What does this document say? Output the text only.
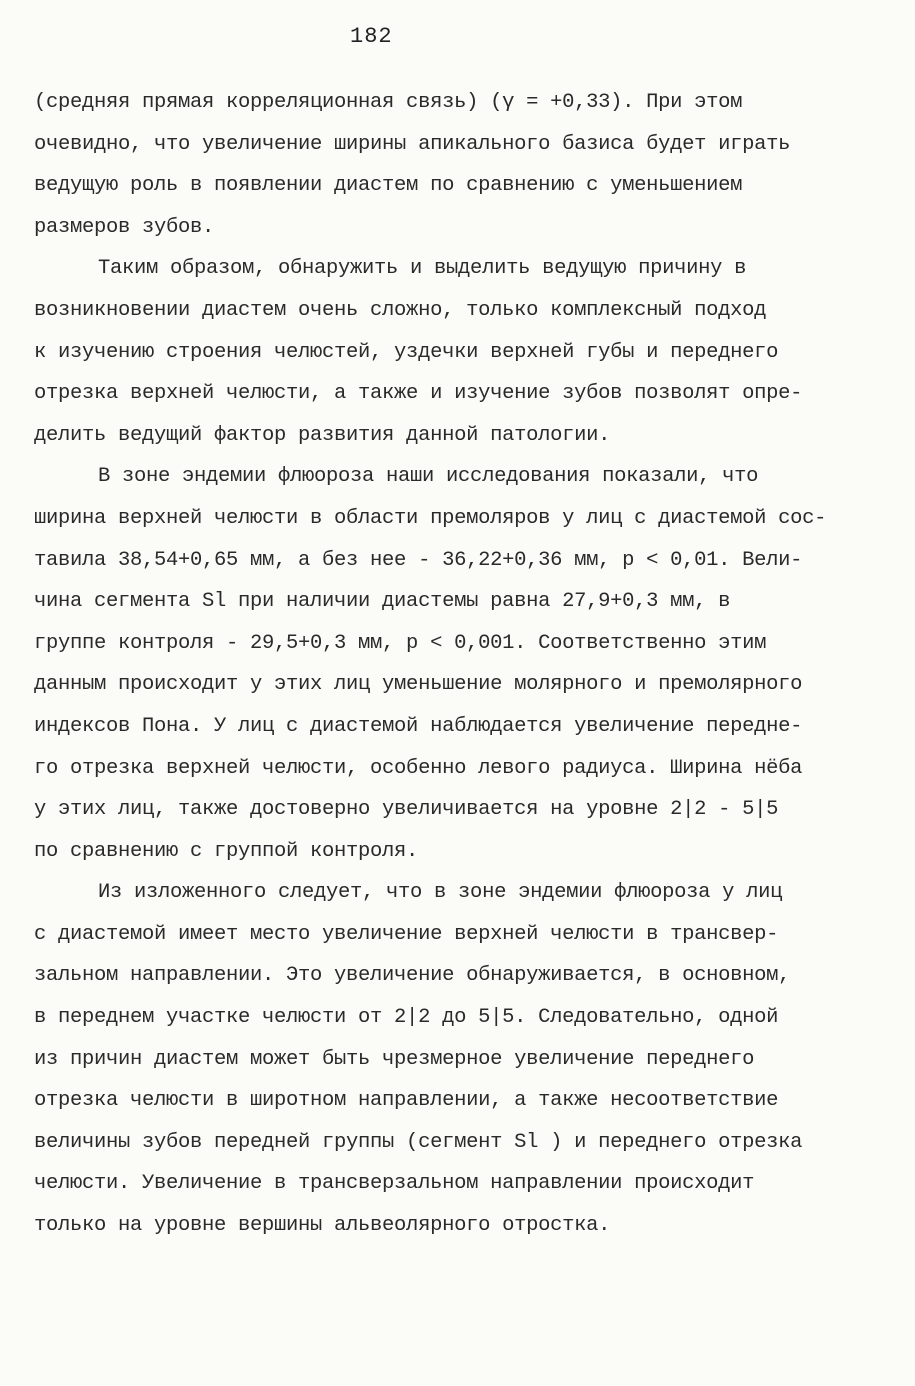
182
(средняя прямая корреляционная связь) (γ = +0,33). При этом
очевидно, что увеличение ширины апикального базиса будет играть
ведущую роль в появлении диастем по сравнению с уменьшением
размеров зубов.
Таким образом, обнаружить и выделить ведущую причину в
возникновении диастем очень сложно, только комплексный подход
к изучению строения челюстей, уздечки верхней губы и переднего
отрезка верхней челюсти, а также и изучение зубов позволят опре-
делить ведущий фактор развития данной патологии.
В зоне эндемии флюороза наши исследования показали, что
ширина верхней челюсти в области премоляров у лиц с диастемой сос-
тавила 38,54+0,65 мм, а без нее - 36,22+0,36 мм, р < 0,01. Вели-
чина сегмента Sl при наличии диастемы равна 27,9+0,3 мм, в
группе контроля - 29,5+0,3 мм, р < 0,001. Соответственно этим
данным происходит у этих лиц уменьшение молярного и премолярного
индексов Пона. У лиц с диастемой наблюдается увеличение передне-
го отрезка верхней челюсти, особенно левого радиуса. Ширина нёба
у этих лиц, также достоверно увеличивается на уровне 2|2 - 5|5
по сравнению с группой контроля.
Из изложенного следует, что в зоне эндемии флюороза у лиц
с диастемой имеет место увеличение верхней челюсти в трансвер-
зальном направлении. Это увеличение обнаруживается, в основном,
в переднем участке челюсти от 2|2 до 5|5. Следовательно, одной
из причин диастем может быть чрезмерное увеличение переднего
отрезка челюсти в широтном направлении, а также несоответствие
величины зубов передней группы (сегмент Sl ) и переднего отрезка
челюсти. Увеличение в трансверзальном направлении происходит
только на уровне вершины альвеолярного отростка.
